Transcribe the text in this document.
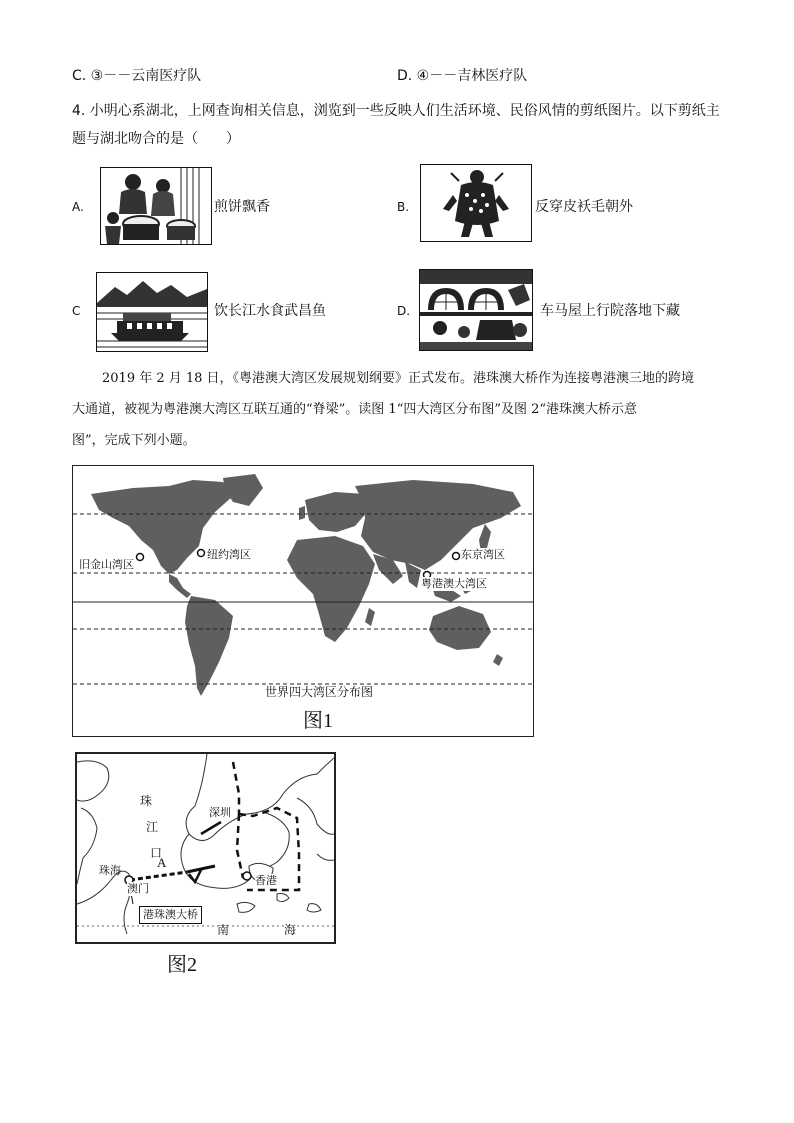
C. ③－－云南医疗队	D. ④－－吉林医疗队
4. 小明心系湖北，上网查询相关信息，浏览到一些反映人们生活环境、民俗风情的剪纸图片。以下剪纸主
题与湖北吻合的是（　　）
A.	煎饼飘香	B.	反穿皮袄毛朝外
C	饮长江水食武昌鱼	D.	车马屋上行院落地下藏
2019 年 2 月 18 日，《粤港澳大湾区发展规划纲要》正式发布。港珠澳大桥作为连接粤港澳三地的跨境
大通道，被视为粤港澳大湾区互联互通的“脊梁”。读图 1“四大湾区分布图”及图 2“港珠澳大桥示意
图”，完成下列小题。
旧金山湾区
纽约湾区	东京湾区
粤港澳大湾区
世界四大湾区分布图
图1
珠
江
口
深圳
珠海
澳门
香港
A
港珠澳大桥
南	海
图2
